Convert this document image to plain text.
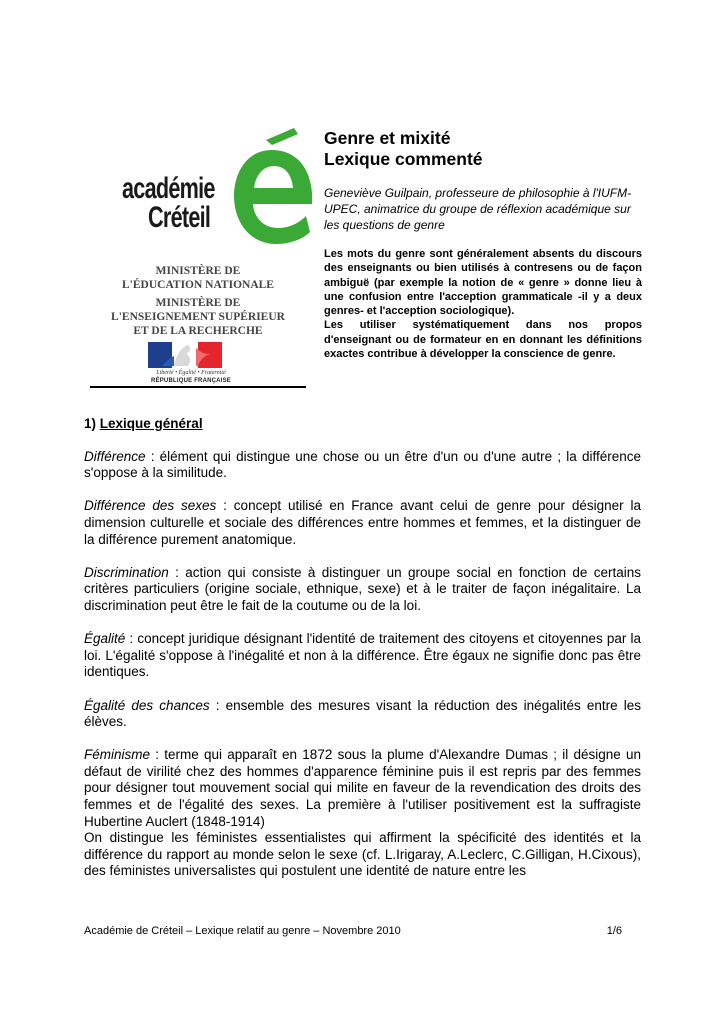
académie
Créteil
MINISTÈRE DE
L'ÉDUCATION NATIONALE
MINISTÈRE DE
L'ENSEIGNEMENT SUPÉRIEUR
ET DE LA RECHERCHE
Liberté • Égalité • Fraternité
RÉPUBLIQUE FRANÇAISE
Genre et mixité
Lexique commenté
Geneviève Guilpain, professeure de philosophie à l'IUFM-UPEC, animatrice du groupe de réflexion académique sur les questions de genre

Les mots du genre sont généralement absents du discours des enseignants ou bien utilisés à contresens ou de façon ambiguë (par exemple la notion de « genre » donne lieu à une confusion entre l'acception grammaticale -il y a deux genres- et l'acception sociologique).

Les utiliser systématiquement dans nos propos d'enseignant ou de formateur en en donnant les définitions exactes contribue à développer la conscience de genre.

1) Lexique général

Différence : élément qui distingue une chose ou un être d'un ou d'une autre ; la différence s'oppose à la similitude.

Différence des sexes : concept utilisé en France avant celui de genre pour désigner la dimension culturelle et sociale des différences entre hommes et femmes, et la distinguer de la différence purement anatomique.

Discrimination : action qui consiste à distinguer un groupe social en fonction de certains critères particuliers (origine sociale, ethnique, sexe) et à le traiter de façon inégalitaire. La discrimination peut être le fait de la coutume ou de la loi.

Égalité : concept juridique désignant l'identité de traitement des citoyens et citoyennes par la loi. L'égalité s'oppose à l'inégalité et non à la différence. Être égaux ne signifie donc pas être identiques.

Égalité des chances : ensemble des mesures visant la réduction des inégalités entre les élèves.

Féminisme : terme qui apparaît en 1872 sous la plume d'Alexandre Dumas ; il désigne un défaut de virilité chez des hommes d'apparence féminine puis il est repris par des femmes pour désigner tout mouvement social qui milite en faveur de la revendication des droits des femmes et de l'égalité des sexes. La première à l'utiliser positivement est la suffragiste Hubertine Auclert (1848-1914)

On distingue les féministes essentialistes qui affirment la spécificité des identités et la différence du rapport au monde selon le sexe (cf. L.Irigaray, A.Leclerc, C.Gilligan, H.Cixous), des féministes universalistes qui postulent une identité de nature entre les

Académie de Créteil – Lexique relatif au genre – Novembre 2010	1/6
